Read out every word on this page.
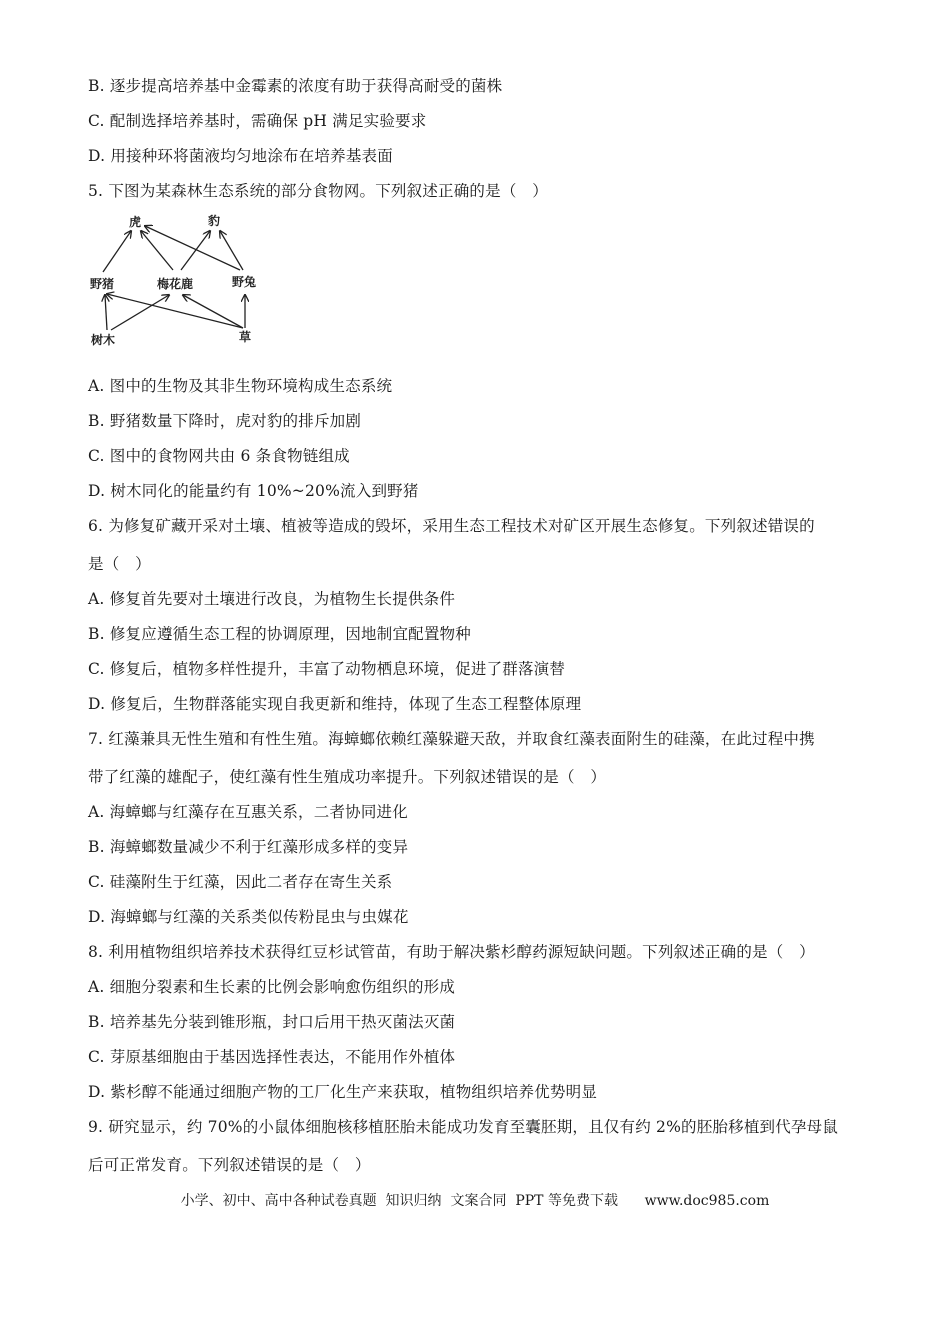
B. 逐步提高培养基中金霉素的浓度有助于获得高耐受的菌株
C. 配制选择培养基时，需确保 pH 满足实验要求
D. 用接种环将菌液均匀地涂布在培养基表面
5. 下图为某森林生态系统的部分食物网。下列叙述正确的是（　）
虎	豹
野猪	梅花鹿	野兔
树木	草
A. 图中的生物及其非生物环境构成生态系统
B. 野猪数量下降时，虎对豹的排斥加剧
C. 图中的食物网共由 6 条食物链组成
D. 树木同化的能量约有 10%~20%流入到野猪
6. 为修复矿藏开采对土壤、植被等造成的毁坏，采用生态工程技术对矿区开展生态修复。下列叙述错误的
是（　）
A. 修复首先要对土壤进行改良，为植物生长提供条件
B. 修复应遵循生态工程的协调原理，因地制宜配置物种
C. 修复后，植物多样性提升，丰富了动物栖息环境，促进了群落演替
D. 修复后，生物群落能实现自我更新和维持，体现了生态工程整体原理
7. 红藻兼具无性生殖和有性生殖。海蟑螂依赖红藻躲避天敌，并取食红藻表面附生的硅藻，在此过程中携
带了红藻的雄配子，使红藻有性生殖成功率提升。下列叙述错误的是（　）
A. 海蟑螂与红藻存在互惠关系，二者协同进化
B. 海蟑螂数量减少不利于红藻形成多样的变异
C. 硅藻附生于红藻，因此二者存在寄生关系
D. 海蟑螂与红藻的关系类似传粉昆虫与虫媒花
8. 利用植物组织培养技术获得红豆杉试管苗，有助于解决紫杉醇药源短缺问题。下列叙述正确的是（　）
A. 细胞分裂素和生长素的比例会影响愈伤组织的形成
B. 培养基先分装到锥形瓶，封口后用干热灭菌法灭菌
C. 芽原基细胞由于基因选择性表达，不能用作外植体
D. 紫杉醇不能通过细胞产物的工厂化生产来获取，植物组织培养优势明显
9. 研究显示，约 70%的小鼠体细胞核移植胚胎未能成功发育至囊胚期，且仅有约 2%的胚胎移植到代孕母鼠
后可正常发育。下列叙述错误的是（　）
小学、初中、高中各种试卷真题  知识归纳  文案合同  PPT 等免费下载      www.doc985.com
